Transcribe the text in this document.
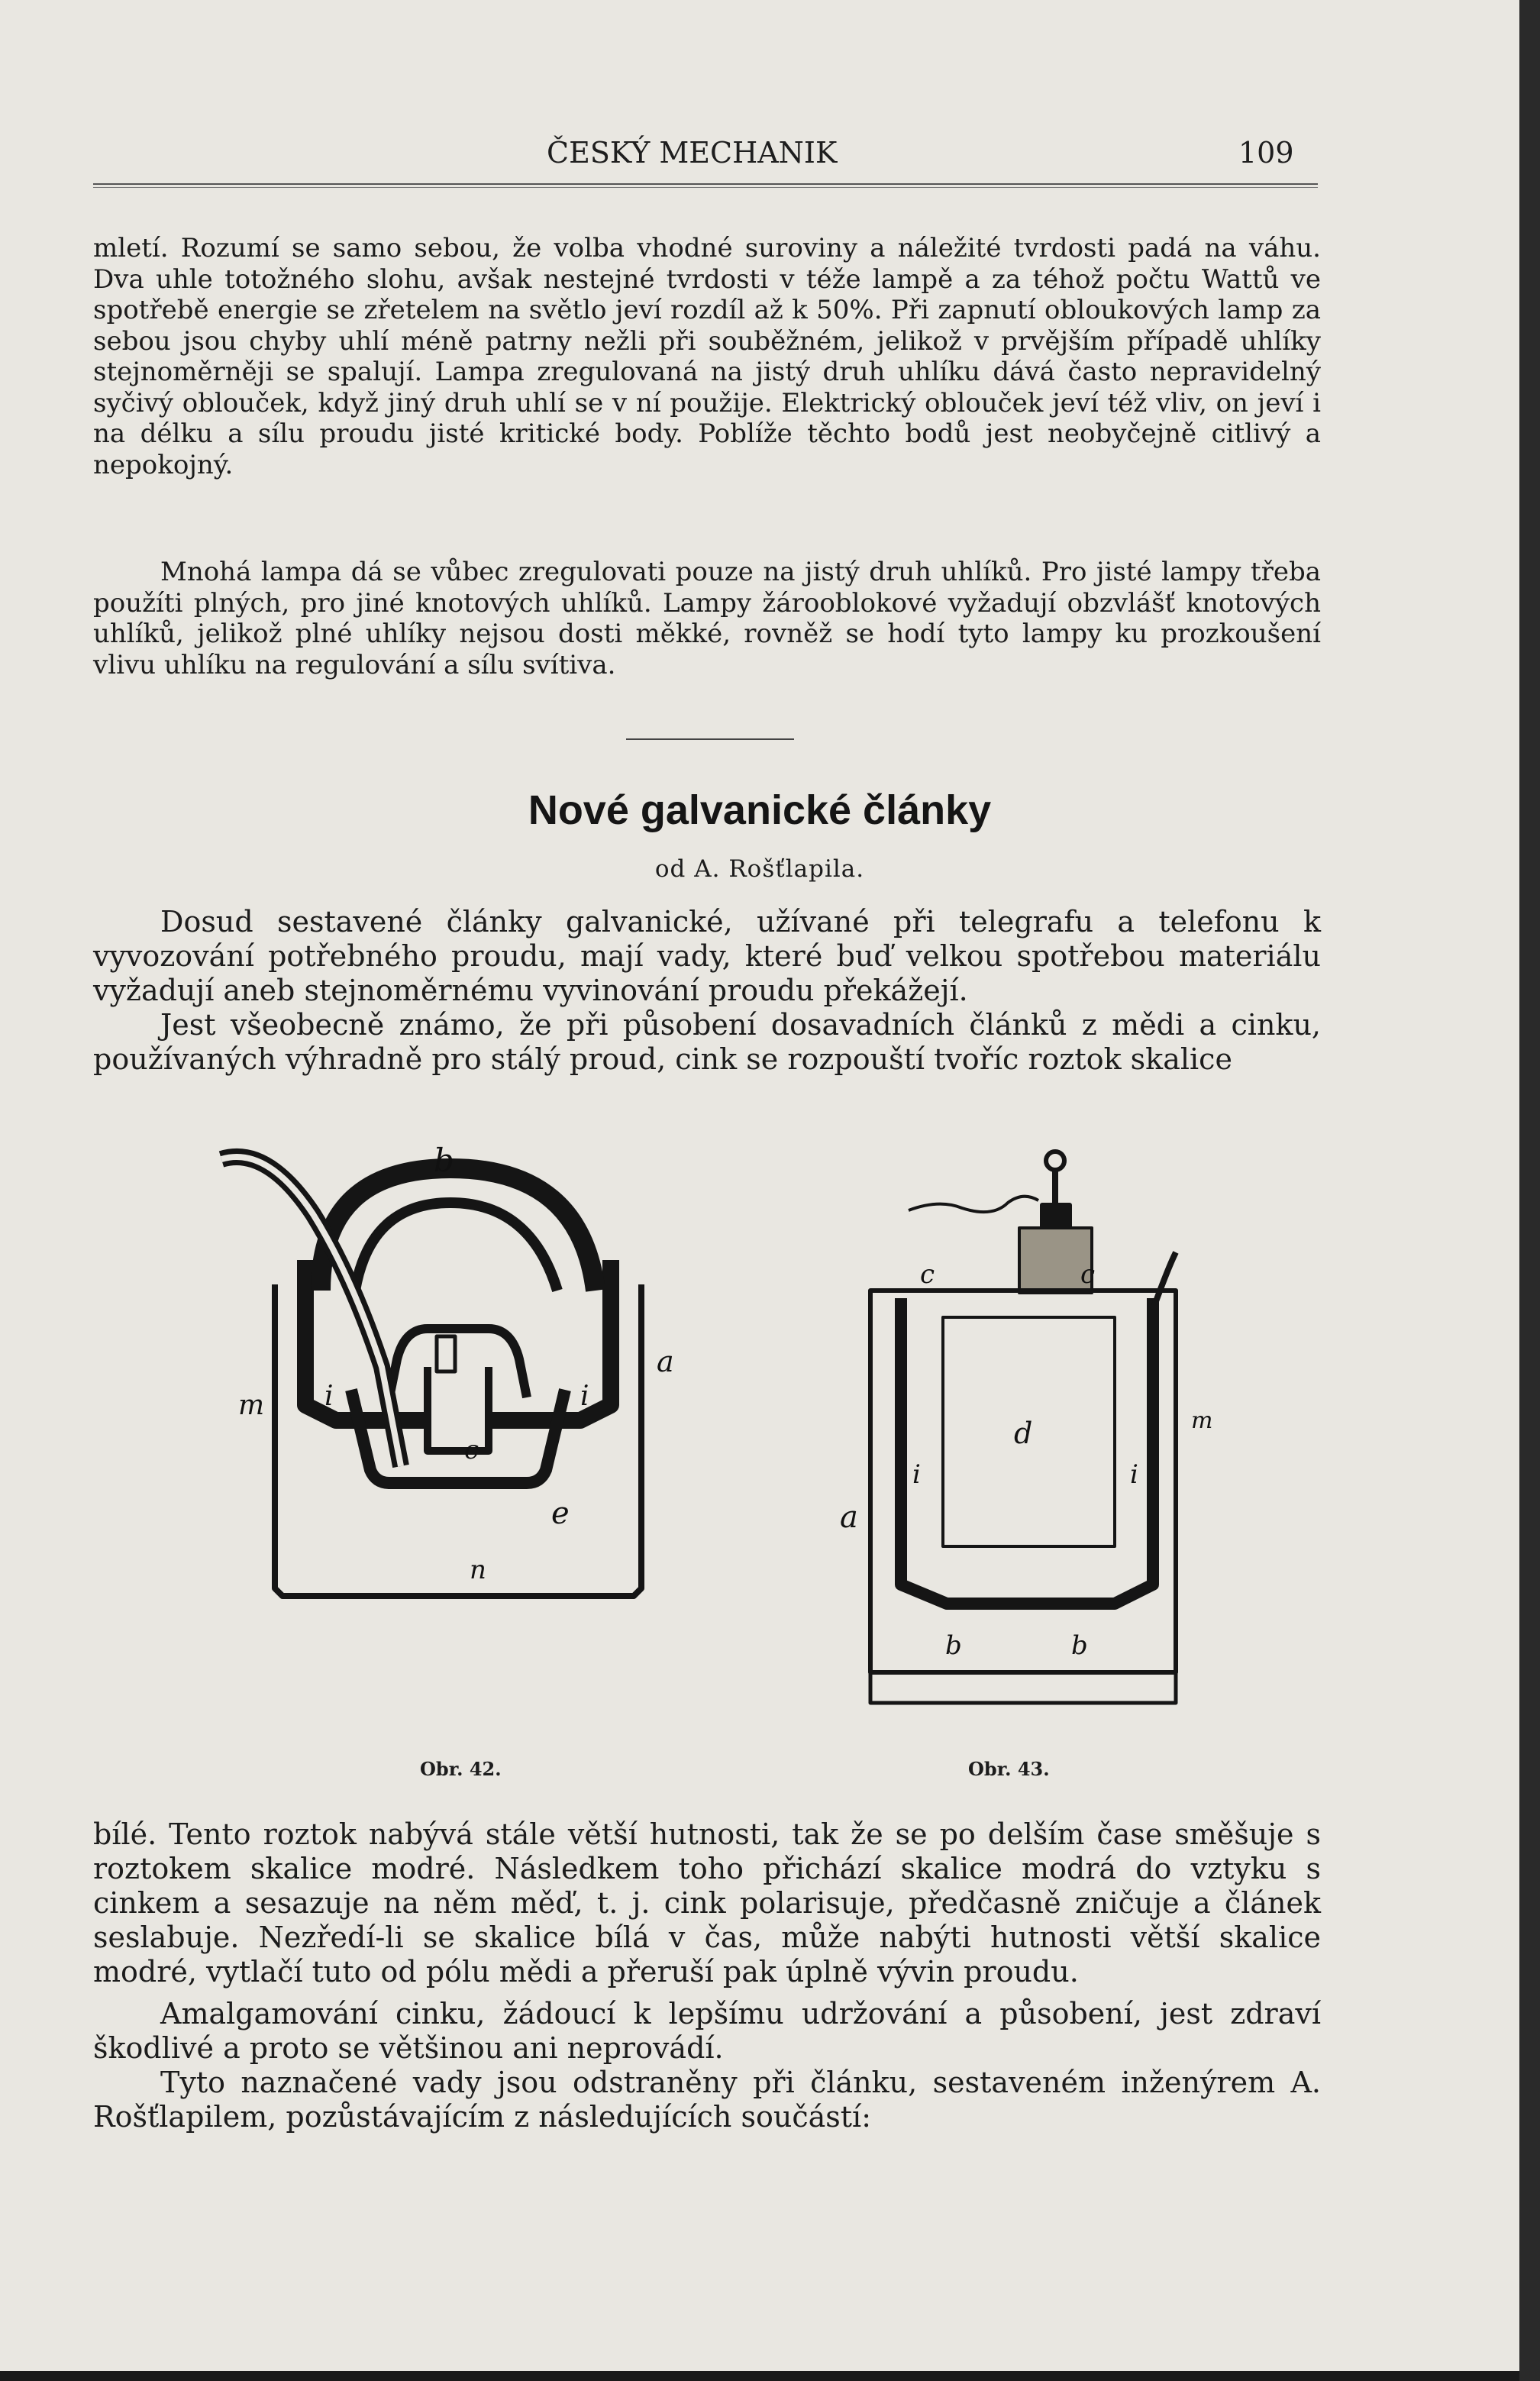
ČESKÝ MECHANIK	109

mletí. Rozumí se samo sebou, že volba vhodné suroviny a náležité tvrdosti padá na váhu. Dva uhle totožného slohu, avšak nestejné tvrdosti v téže lampě a za téhož počtu Wattů ve spotřebě energie se zřetelem na světlo jeví rozdíl až k 50%. Při zapnutí obloukových lamp za sebou jsou chyby uhlí méně patrny nežli při souběžném, jelikož v prvějším případě uhlíky stejnoměrněji se spalují. Lampa zregulovaná na jistý druh uhlíku dává často nepravidelný syčivý oblouček, když jiný druh uhlí se v ní použije. Elektrický oblouček jeví též vliv, on jeví i na délku a sílu proudu jisté kritické body. Poblíže těchto bodů jest neobyčejně citlivý a nepokojný.

Mnohá lampa dá se vůbec zregulovati pouze na jistý druh uhlíků. Pro jisté lampy třeba použíti plných, pro jiné knotových uhlíků. Lampy žárooblokové vyžadují obzvlášť knotových uhlíků, jelikož plné uhlíky nejsou dosti měkké, rovněž se hodí tyto lampy ku prozkoušení vlivu uhlíku na regulování a sílu svítiva.

Nové galvanické články
od A. Rošťlapila.

Dosud sestavené články galvanické, užívané při telegrafu a telefonu k vyvozování potřebného proudu, mají vady, které buď velkou spotřebou materiálu vyžadují aneb stejnoměrnému vyvinování proudu překážejí.

Jest všeobecně známo, že při působení dosavadních článků z mědi a cinku, používaných výhradně pro stálý proud, cink se rozpouští tvoříc roztok skalice

b
a
m i	i
c
e
n
Obr. 42.
c	c
m
d
i	i
a
b	b
Obr. 43.

bílé. Tento roztok nabývá stále větší hutnosti, tak že se po delším čase směšuje s roztokem skalice modré. Následkem toho přichází skalice modrá do vztyku s cinkem a sesazuje na něm měď, t. j. cink polarisuje, předčasně zničuje a článek seslabuje. Nezředí-li se skalice bílá v čas, může nabýti hutnosti větší skalice modré, vytlačí tuto od pólu mědi a přeruší pak úplně vývin proudu.

Amalgamování cinku, žádoucí k lepšímu udržování a působení, jest zdraví škodlivé a proto se většinou ani neprovádí.

Tyto naznačené vady jsou odstraněny při článku, sestaveném inženýrem A. Rošťlapilem, pozůstávajícím z následujících součástí:
